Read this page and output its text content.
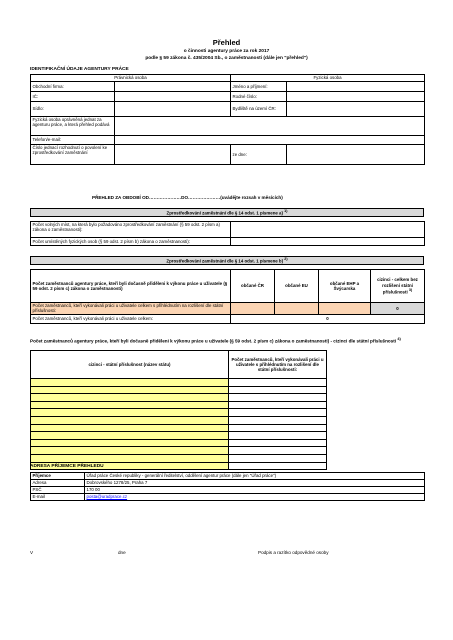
Přehled
o činnosti agentury práce za rok 2017
podle § 59 zákona č. 435/2004 Sb., o zaměstnanosti (dále jen "přehled")
IDENTIFIKAČNÍ ÚDAJE AGENTURY PRÁCE
Právnická osoba		Fyzická osoba	
Obchodní firma:		Jméno a příjmení:	
IČ:		Rodné číslo:	
Sídlo:		Bydliště na území ČR:	
Fyzická osoba oprávněná jednat za agenturu práce, a která přehled podává			
Telefon/e-mail:			
Číslo jednací rozhodnutí o povolení ke zprostředkování zaměstnání		ze dne:	
PŘEHLED ZA OBDOBÍ OD…………………DO…………………(uvádějte rozsah v měsících)
Zprostředkování zaměstnání dle § 14 odst. 1 písmene a) $^{1)}$
Počet volných míst, na která bylo požadováno zprostředkování zaměstnání (§ 59 odst. 2 písm a) zákona o zaměstnanosti):	
Počet umístěných fyzických osob (§ 59 odst. 2 písm b) zákona o zaměstnanosti):	
Zprostředkování zaměstnání dle § 14 odst. 1 písmene b) $^{2)}$
Počet zaměstnanců agentury práce, kteří byli dočasně přiděleni k výkonu práce u uživatele (§ 59 odst. 2 písm c) zákona o zaměstnanosti)	občané ČR	občané EU	občané EHP a Švýcarska	cizinci - celkem bez rozlišení státní příslušnosti $^{3)}$
Počet zaměstnanců, kteří vykonávali práci u uživatele celkem s přihlédnutím na rozlišení dle státní příslušnosti:				0
Počet zaměstnanců, kteří vykonávali práci u uživatele celkem:	0			
Počet zaměstnanců agentury práce, kteří byli dočasně přiděleni k výkonu práce u uživatele (§ 59 odst. 2 písm c) zákona o zaměstnanosti) - cizinci dle státní příslušnosti $^{4)}$
cizinci - státní příslušnost (název státu)	Počet zaměstnanců, kteří vykonávali práci u uživatele s přihlédnutím na rozlišení dle státní příslušnosti:

ADRESA PŘÍJEMCE PŘEHLEDU
Příjemce	Úřad práce České republiky - generální ředitelství, oddělení agentur práce (dále jen "Úřad práce")
Adresa	Dobrovského 1278/25, Praha 7
PSČ	170 00
E-mail	posta@uradprace.cz
V	dne	Podpis a razítko odpovědné osoby
